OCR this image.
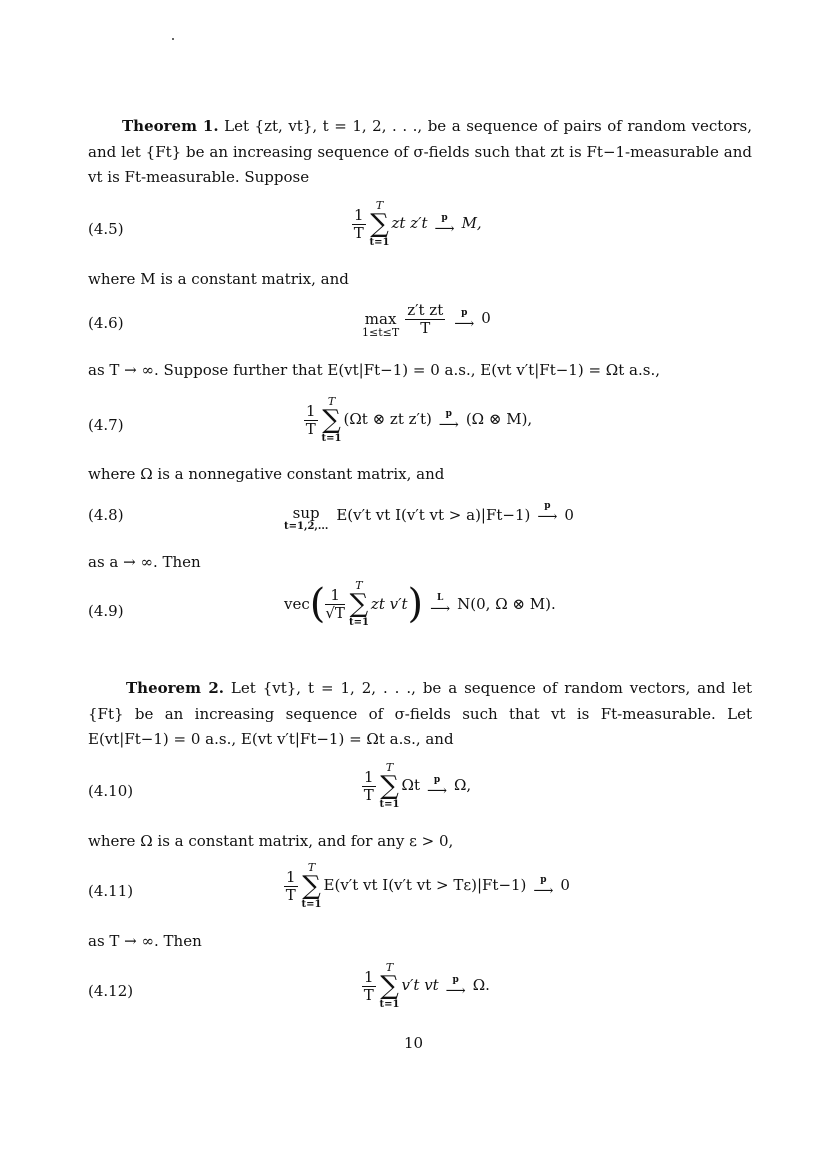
Theorem 1. Let {zt, vt}, t = 1, 2, . . ., be a sequence of pairs of random vectors, and let {Ft} be an increasing sequence of σ-fields such that zt is Ft−1-measurable and vt is Ft-measurable. Suppose
(4.5)	$\frac{1}{T}$
T
∑
t=1
zt z′t	p
⟶ M,
where M is a constant matrix, and
(4.6)	max
$1\le t\le T \frac{\text{z′t zt}}{T}$	p
⟶ 0
as T → ∞. Suppose further that E(vt|Ft−1) = 0 a.s., E(vt v′t|Ft−1) = Ωt a.s.,
(4.7)	$\frac{1}{T}$
T
∑
t=1
(Ωt ⊗ zt z′t)	p
⟶ (Ω ⊗ M),
where Ω is a nonnegative constant matrix, and
(4.8)	sup
t=1,2,...
E(v′t vt I(v′t vt > a)|Ft−1)	p
⟶ 0
as a → ∞. Then
(4.9)	$vec( \frac{1}{√T}$
T
∑
t=1
zt v′t)	L
⟶ N(0, Ω ⊗ M).
Theorem 2. Let {vt}, t = 1, 2, . . ., be a sequence of random vectors, and let {Ft} be an increasing sequence of σ-fields such that vt is Ft-measurable. Let E(vt|Ft−1) = 0 a.s., E(vt v′t|Ft−1) = Ωt a.s., and
(4.10)	$\frac{1}{T}$
T
∑
t=1
Ωt	p
⟶ Ω,
where Ω is a constant matrix, and for any ε > 0,
(4.11)	$\frac{1}{T}$
T
∑
t=1
E(v′t vt I(v′t vt > Tε)|Ft−1)	p
⟶ 0
as T → ∞. Then
(4.12)	$\frac{1}{T}$
T
∑
t=1
v′t vt	p
⟶ Ω.
10
